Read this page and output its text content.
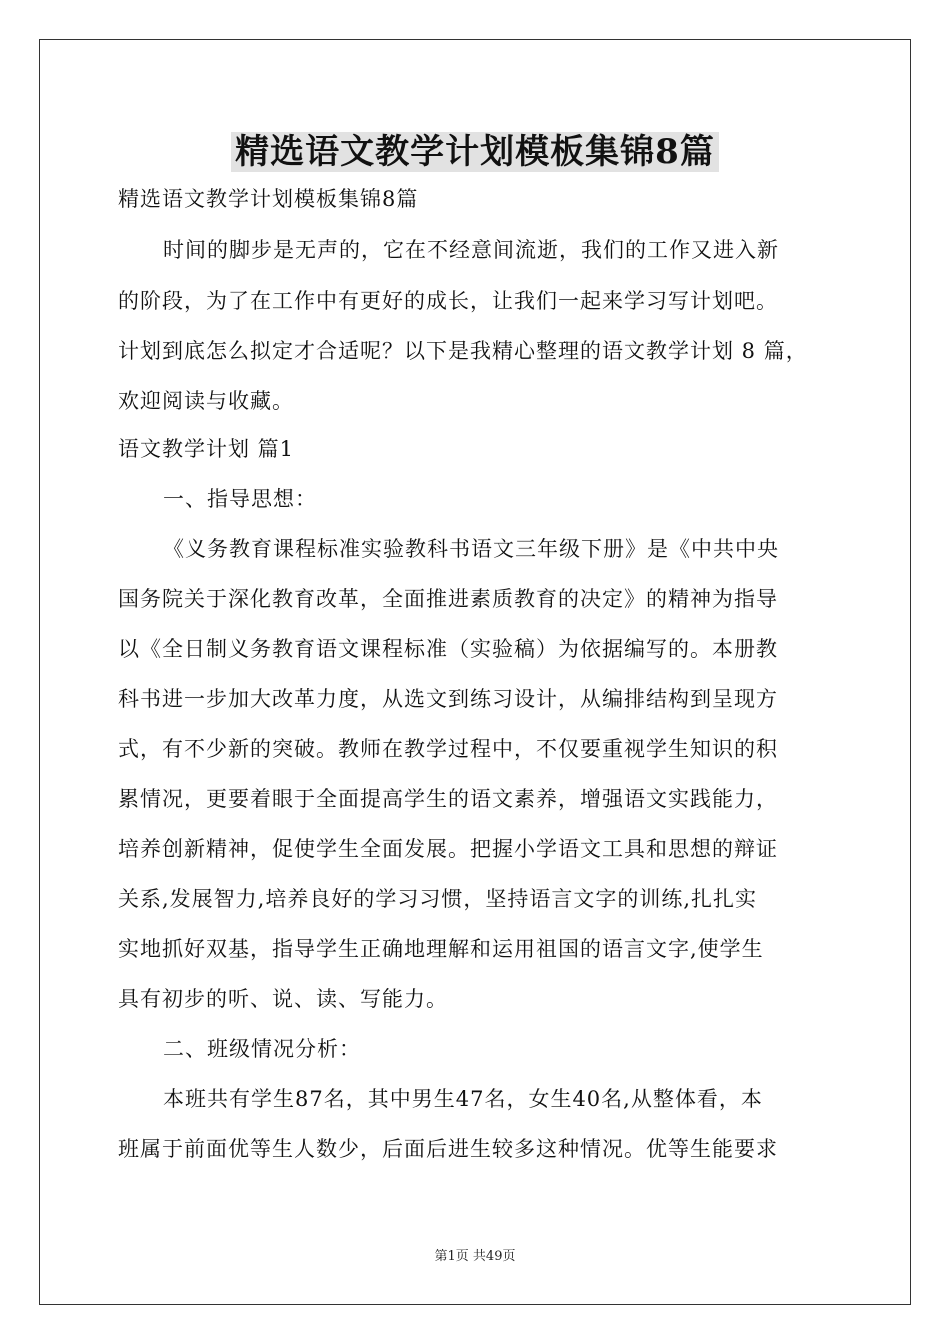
精选语文教学计划模板集锦8篇
精选语文教学计划模板集锦8篇
时间的脚步是无声的，它在不经意间流逝，我们的工作又进入新
的阶段，为了在工作中有更好的成长，让我们一起来学习写计划吧。
计划到底怎么拟定才合适呢？以下是我精心整理的语文教学计划 8 篇，
欢迎阅读与收藏。
语文教学计划 篇1
一、指导思想：
《义务教育课程标准实验教科书语文三年级下册》是《中共中央
国务院关于深化教育改革，全面推进素质教育的决定》的精神为指导
以《全日制义务教育语文课程标准（实验稿）为依据编写的。本册教
科书进一步加大改革力度，从选文到练习设计，从编排结构到呈现方
式，有不少新的突破。教师在教学过程中，不仅要重视学生知识的积
累情况，更要着眼于全面提高学生的语文素养，增强语文实践能力，
培养创新精神，促使学生全面发展。把握小学语文工具和思想的辩证
关系,发展智力,培养良好的学习习惯，坚持语言文字的训练,扎扎实
实地抓好双基，指导学生正确地理解和运用祖国的语言文字,使学生
具有初步的听、说、读、写能力。
二、班级情况分析：
本班共有学生87名，其中男生47名，女生40名,从整体看，本
班属于前面优等生人数少，后面后进生较多这种情况。优等生能要求
第1页 共49页
